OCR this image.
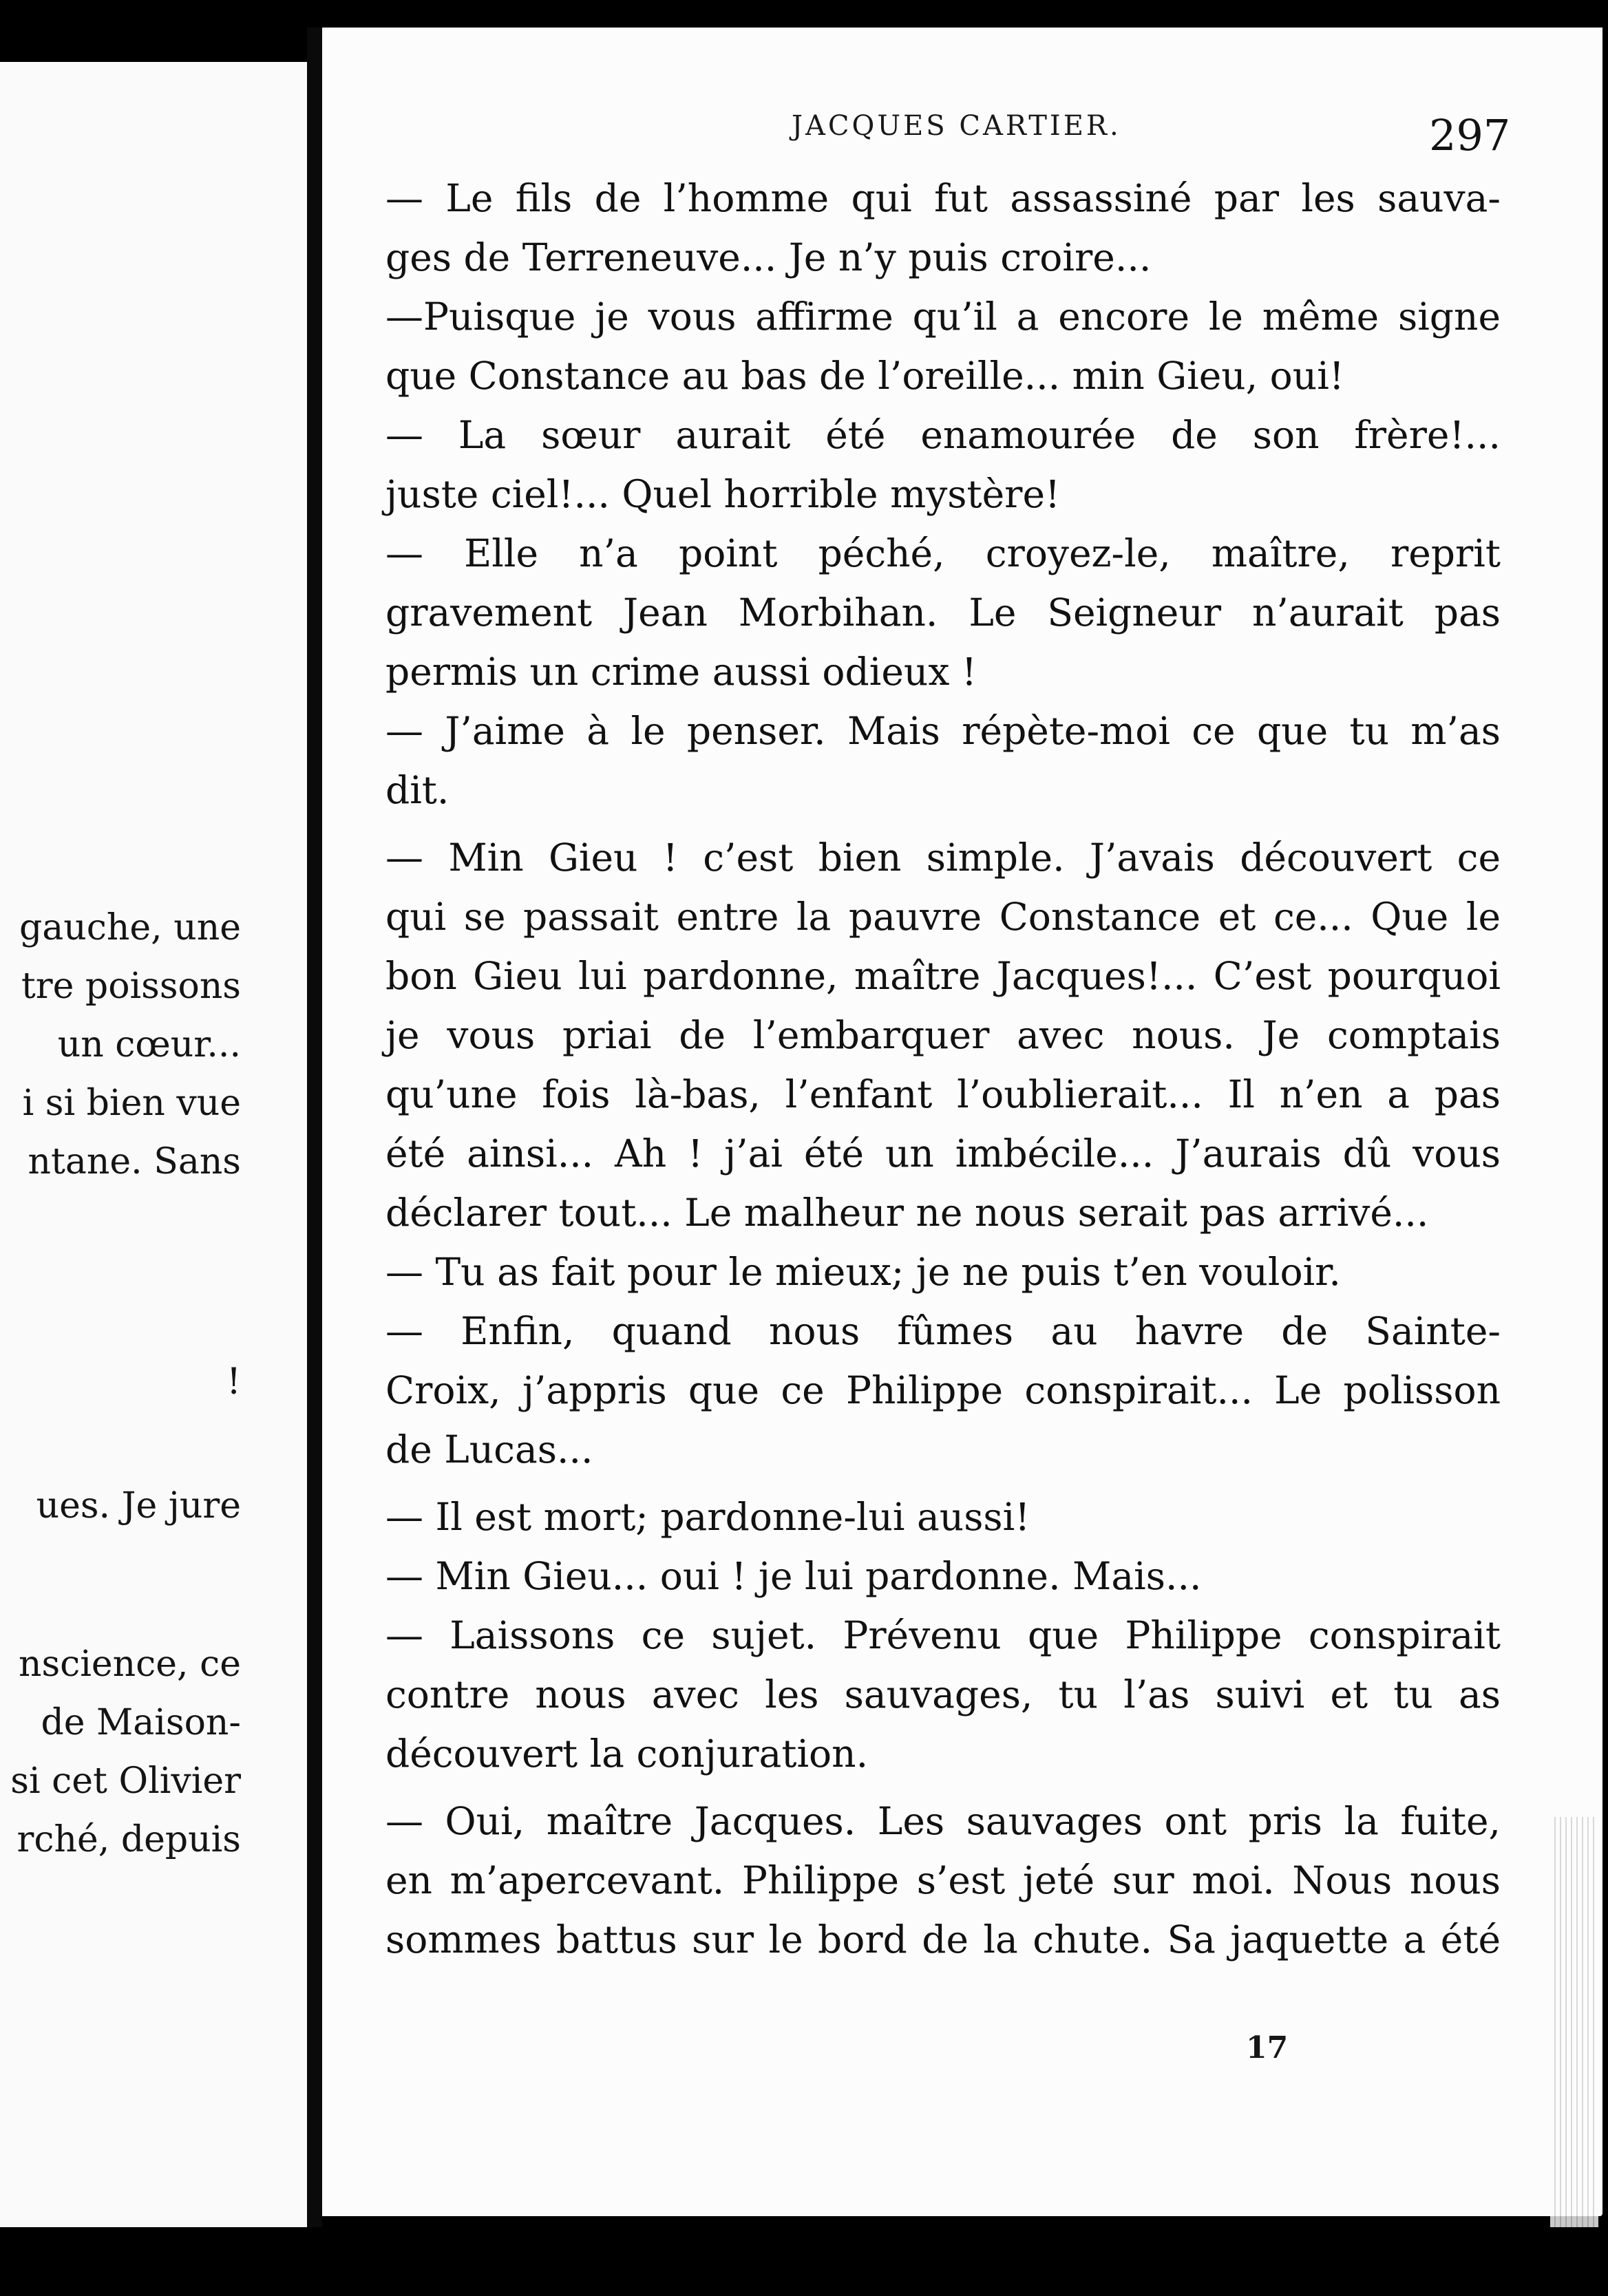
gauche, une
tre poissons
un cœur...
i si bien vue
ntane. Sans
!
ues. Je jure
nscience, ce
de Maison-
si cet Olivier
rché, depuis
JACQUES CARTIER.	297
— Le fils de l’homme qui fut assassiné par les sauva-
ges de Terreneuve... Je n’y puis croire...
—Puisque je vous affirme qu’il a encore le même signe
que Constance au bas de l’oreille... min Gieu, oui!
— La sœur aurait été enamourée de son frère!...
juste ciel!... Quel horrible mystère!
— Elle n’a point péché, croyez-le, maître, reprit
gravement Jean Morbihan. Le Seigneur n’aurait pas
permis un crime aussi odieux !
— J’aime à le penser. Mais répète-moi ce que tu m’as
dit.
— Min Gieu ! c’est bien simple. J’avais découvert ce
qui se passait entre la pauvre Constance et ce... Que le
bon Gieu lui pardonne, maître Jacques!... C’est pourquoi
je vous priai de l’embarquer avec nous. Je comptais
qu’une fois là-bas, l’enfant l’oublierait... Il n’en a pas
été ainsi... Ah ! j’ai été un imbécile... J’aurais dû vous
déclarer tout... Le malheur ne nous serait pas arrivé...
— Tu as fait pour le mieux; je ne puis t’en vouloir.
— Enfin, quand nous fûmes au havre de Sainte-
Croix, j’appris que ce Philippe conspirait... Le polisson
de Lucas...
— Il est mort; pardonne-lui aussi!
— Min Gieu... oui ! je lui pardonne. Mais...
— Laissons ce sujet. Prévenu que Philippe conspirait
contre nous avec les sauvages, tu l’as suivi et tu as
découvert la conjuration.
— Oui, maître Jacques. Les sauvages ont pris la fuite,
en m’apercevant. Philippe s’est jeté sur moi. Nous nous
sommes battus sur le bord de la chute. Sa jaquette a été
17
